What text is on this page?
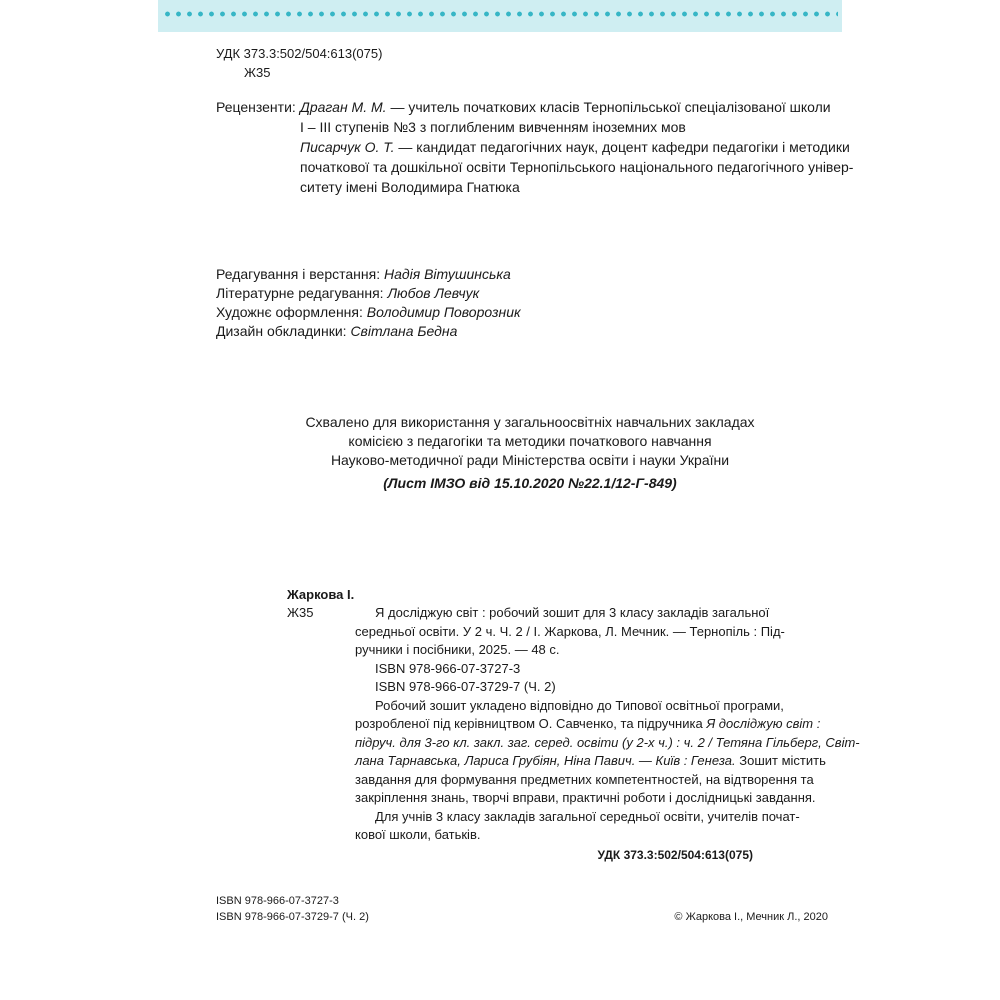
УДК 373.3:502/504:613(075)
Ж35
Рецензенти: Драган М. М. — учитель початкових класів Тернопільської спеціалізованої школи
I – III ступенів №3 з поглибленим вивченням іноземних мов
Писарчук О. Т. — кандидат педагогічних наук, доцент кафедри педагогіки і методики
початкової та дошкільної освіти Тернопільського національного педагогічного універ-
ситету імені Володимира Гнатюка
Редагування і верстання: Надія Вітушинська
Літературне редагування: Любов Левчук
Художнє оформлення: Володимир Поворозник
Дизайн обкладинки: Світлана Бедна
Схвалено для використання у загальноосвітніх навчальних закладах
комісією з педагогіки та методики початкового навчання
Науково-методичної ради Міністерства освіти і науки України
(Лист ІМЗО від 15.10.2020 №22.1/12-Г-849)
Жаркова І.
Ж35	Я досліджую світ : робочий зошит для 3 класу закладів загальної
середньої освіти. У 2 ч. Ч. 2 / І. Жаркова, Л. Мечник. — Тернопіль : Під-
ручники і посібники, 2025. — 48 с.
ISBN 978-966-07-3727-3
ISBN 978-966-07-3729-7 (Ч. 2)
Робочий зошит укладено відповідно до Типової освітньої програми,
розробленої під керівництвом О. Савченко, та підручника Я досліджую світ :
підруч. для 3-го кл. закл. заг. серед. освіти (у 2-х ч.) : ч. 2 / Тетяна Гільберг, Світ-
лана Тарнавська, Лариса Грубіян, Ніна Павич. — Київ : Генеза. Зошит містить
завдання для формування предметних компетентностей, на відтворення та
закріплення знань, творчі вправи, практичні роботи і дослідницькі завдання.
Для учнів 3 класу закладів загальної середньої освіти, учителів почат-
кової школи, батьків.
УДК 373.3:502/504:613(075)
ISBN 978-966-07-3727-3
ISBN 978-966-07-3729-7 (Ч. 2)	© Жаркова І., Мечник Л., 2020
